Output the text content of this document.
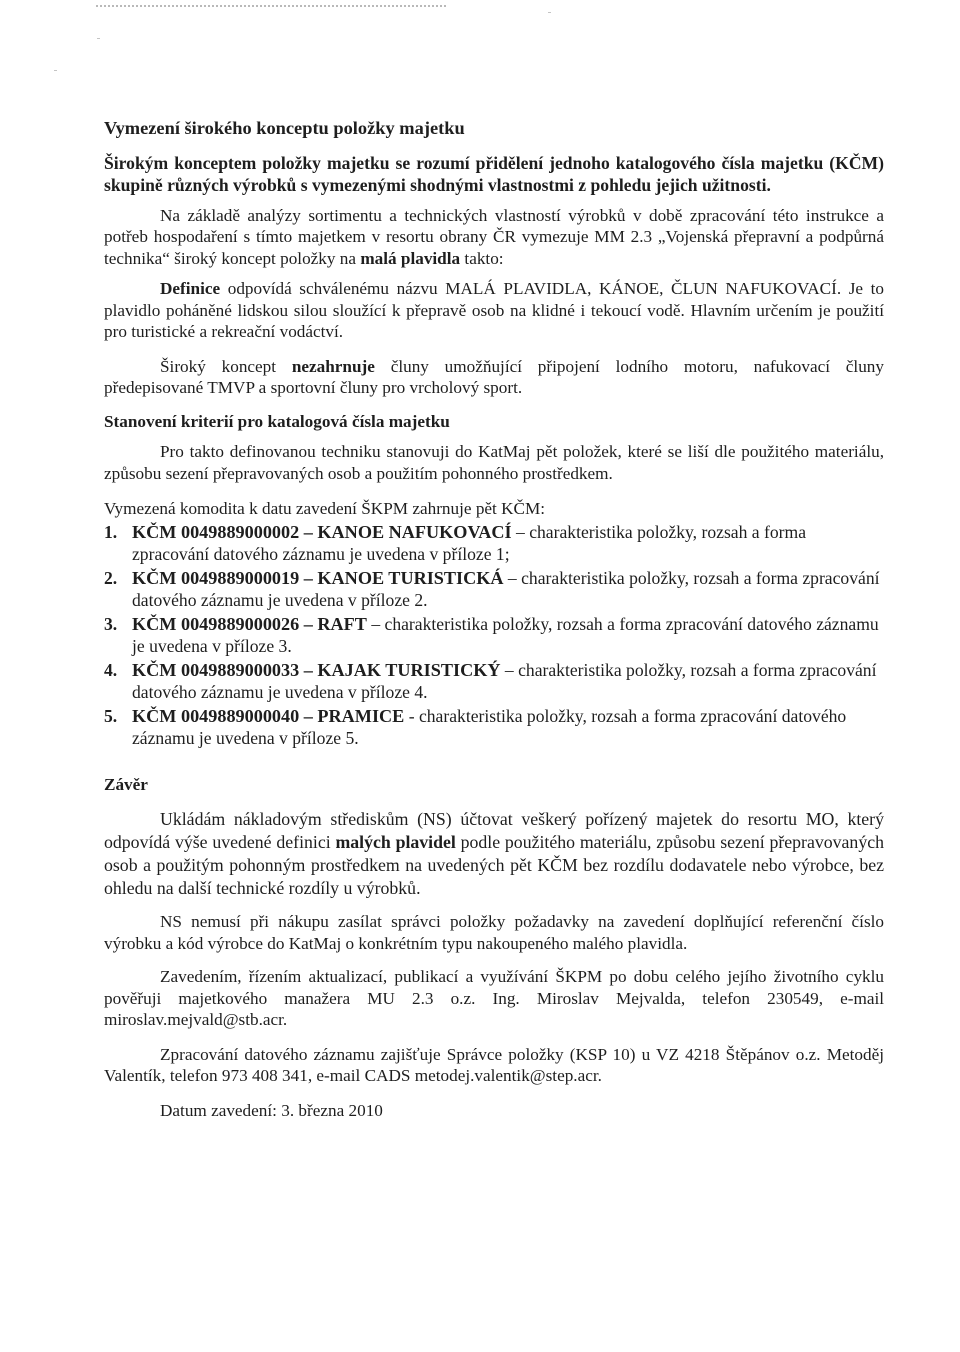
Vymezení širokého konceptu položky majetku

Širokým konceptem položky majetku se rozumí přidělení jednoho katalogového čísla majetku (KČM) skupině různých výrobků s vymezenými shodnými vlastnostmi z pohledu jejich užitnosti.

Na základě analýzy sortimentu a technických vlastností výrobků v době zpracování této instrukce a potřeb hospodaření s tímto majetkem v resortu obrany ČR vymezuje MM 2.3 „Vojenská přepravní a podpůrná technika“ široký koncept položky na malá plavidla takto:

Definice odpovídá schválenému názvu MALÁ PLAVIDLA, KÁNOE, ČLUN NAFUKOVACÍ. Je to plavidlo poháněné lidskou silou sloužící k přepravě osob na klidné i tekoucí vodě. Hlavním určením je použití pro turistické a rekreační vodáctví.

Široký koncept nezahrnuje čluny umožňující připojení lodního motoru, nafukovací čluny předepisované TMVP a sportovní čluny pro vrcholový sport.

Stanovení kriterií pro katalogová čísla majetku

Pro takto definovanou techniku stanovuji do KatMaj pět položek, které se liší dle použitého materiálu, způsobu sezení přepravovaných osob a použitím pohonného prostředkem.

Vymezená komodita k datu zavedení ŠKPM zahrnuje pět KČM:

1. KČM 0049889000002 – KANOE NAFUKOVACÍ – charakteristika položky, rozsah a forma zpracování datového záznamu je uvedena v příloze 1;
2. KČM 0049889000019 – KANOE TURISTICKÁ – charakteristika položky, rozsah a forma zpracování datového záznamu je uvedena v příloze 2.
3. KČM 0049889000026 – RAFT – charakteristika položky, rozsah a forma zpracování datového záznamu je uvedena v příloze 3.
4. KČM 0049889000033 – KAJAK TURISTICKÝ – charakteristika položky, rozsah a forma zpracování datového záznamu je uvedena v příloze 4.
5. KČM 0049889000040 – PRAMICE - charakteristika položky, rozsah a forma zpracování datového záznamu je uvedena v příloze 5.

Závěr

Ukládám nákladovým střediskům (NS) účtovat veškerý pořízený majetek do resortu MO, který odpovídá výše uvedené definici malých plavidel podle použitého materiálu, způsobu sezení přepravovaných osob a použitým pohonným prostředkem na uvedených pět KČM bez rozdílu dodavatele nebo výrobce, bez ohledu na další technické rozdíly u výrobků.

NS nemusí při nákupu zasílat správci položky požadavky na zavedení doplňující referenční číslo výrobku a kód výrobce do KatMaj o konkrétním typu nakoupeného malého plavidla.

Zavedením, řízením aktualizací, publikací a využívání ŠKPM po dobu celého jejího životního cyklu pověřuji majetkového manažera MU 2.3 o.z. Ing. Miroslav Mejvalda, telefon 230549, e-mail miroslav.mejvald@stb.acr.

Zpracování datového záznamu zajišťuje Správce položky (KSP 10) u VZ 4218 Štěpánov o.z. Metoděj Valentík, telefon 973 408 341, e-mail CADS metodej.valentik@step.acr.

Datum zavedení: 3. března 2010
